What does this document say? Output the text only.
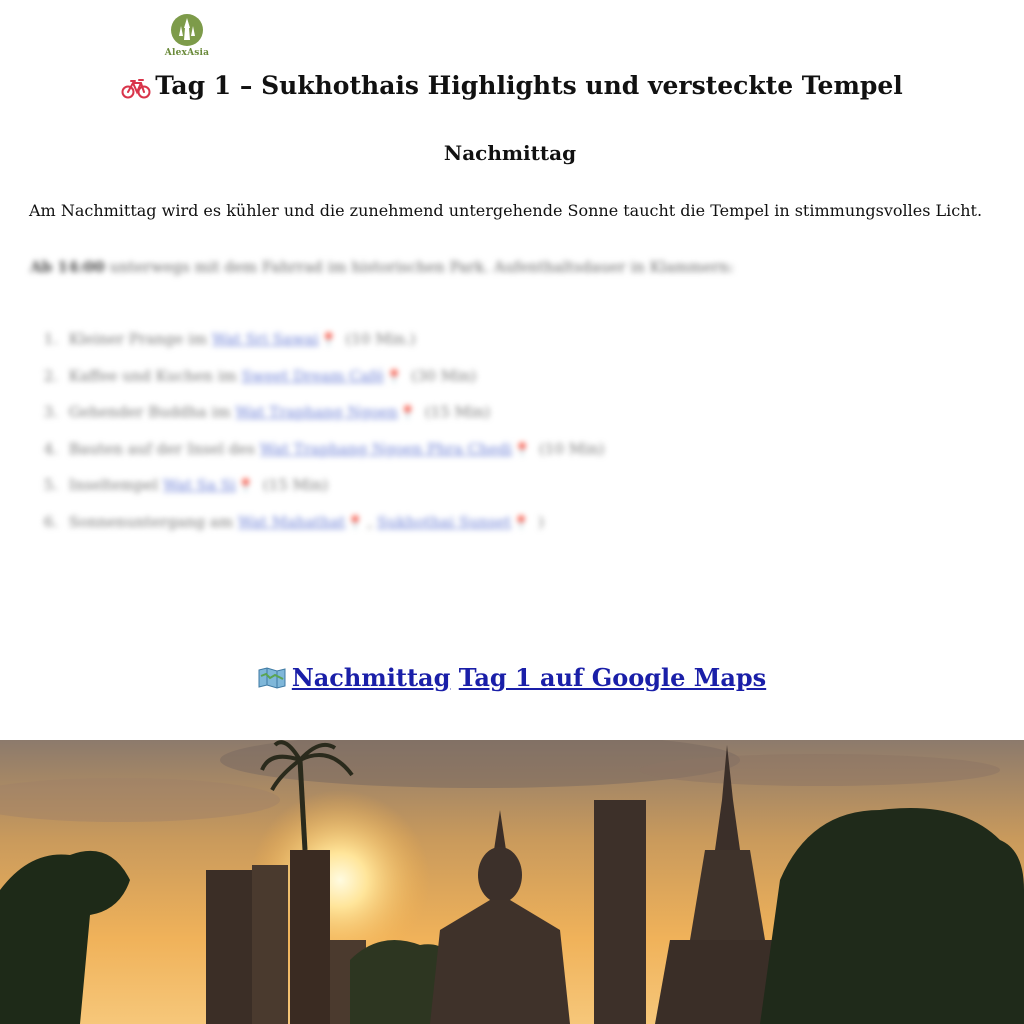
AlexAsia
Tag 1 – Sukhothais Highlights und versteckte Tempel
Nachmittag

Am Nachmittag wird es kühler und die zunehmend untergehende Sonne taucht die Tempel in stimmungsvolles Licht.

Ab 14:00 unterwegs mit dem Fahrrad im historischen Park. Aufenthaltsdauer in Klammern:

1. Kleiner Prange im Wat Sri Sawai 📍 (10 Min.)
2. Kaffee und Kuchen im Sweet Dream Café 📍 (30 Min)
3. Gehender Buddha im Wat Traphang Ngoen 📍 (15 Min)
4. Bauten auf der Insel des Wat Traphang Ngoen Phra Chedi 📍 (10 Min)
5. Inseltempel Wat Sa Si 📍 (15 Min)
6. Sonnenuntergang am Wat Mahathat 📍 , Sukhothai Sunset 📍 )
Nachmittag Tag 1 auf Google Maps
